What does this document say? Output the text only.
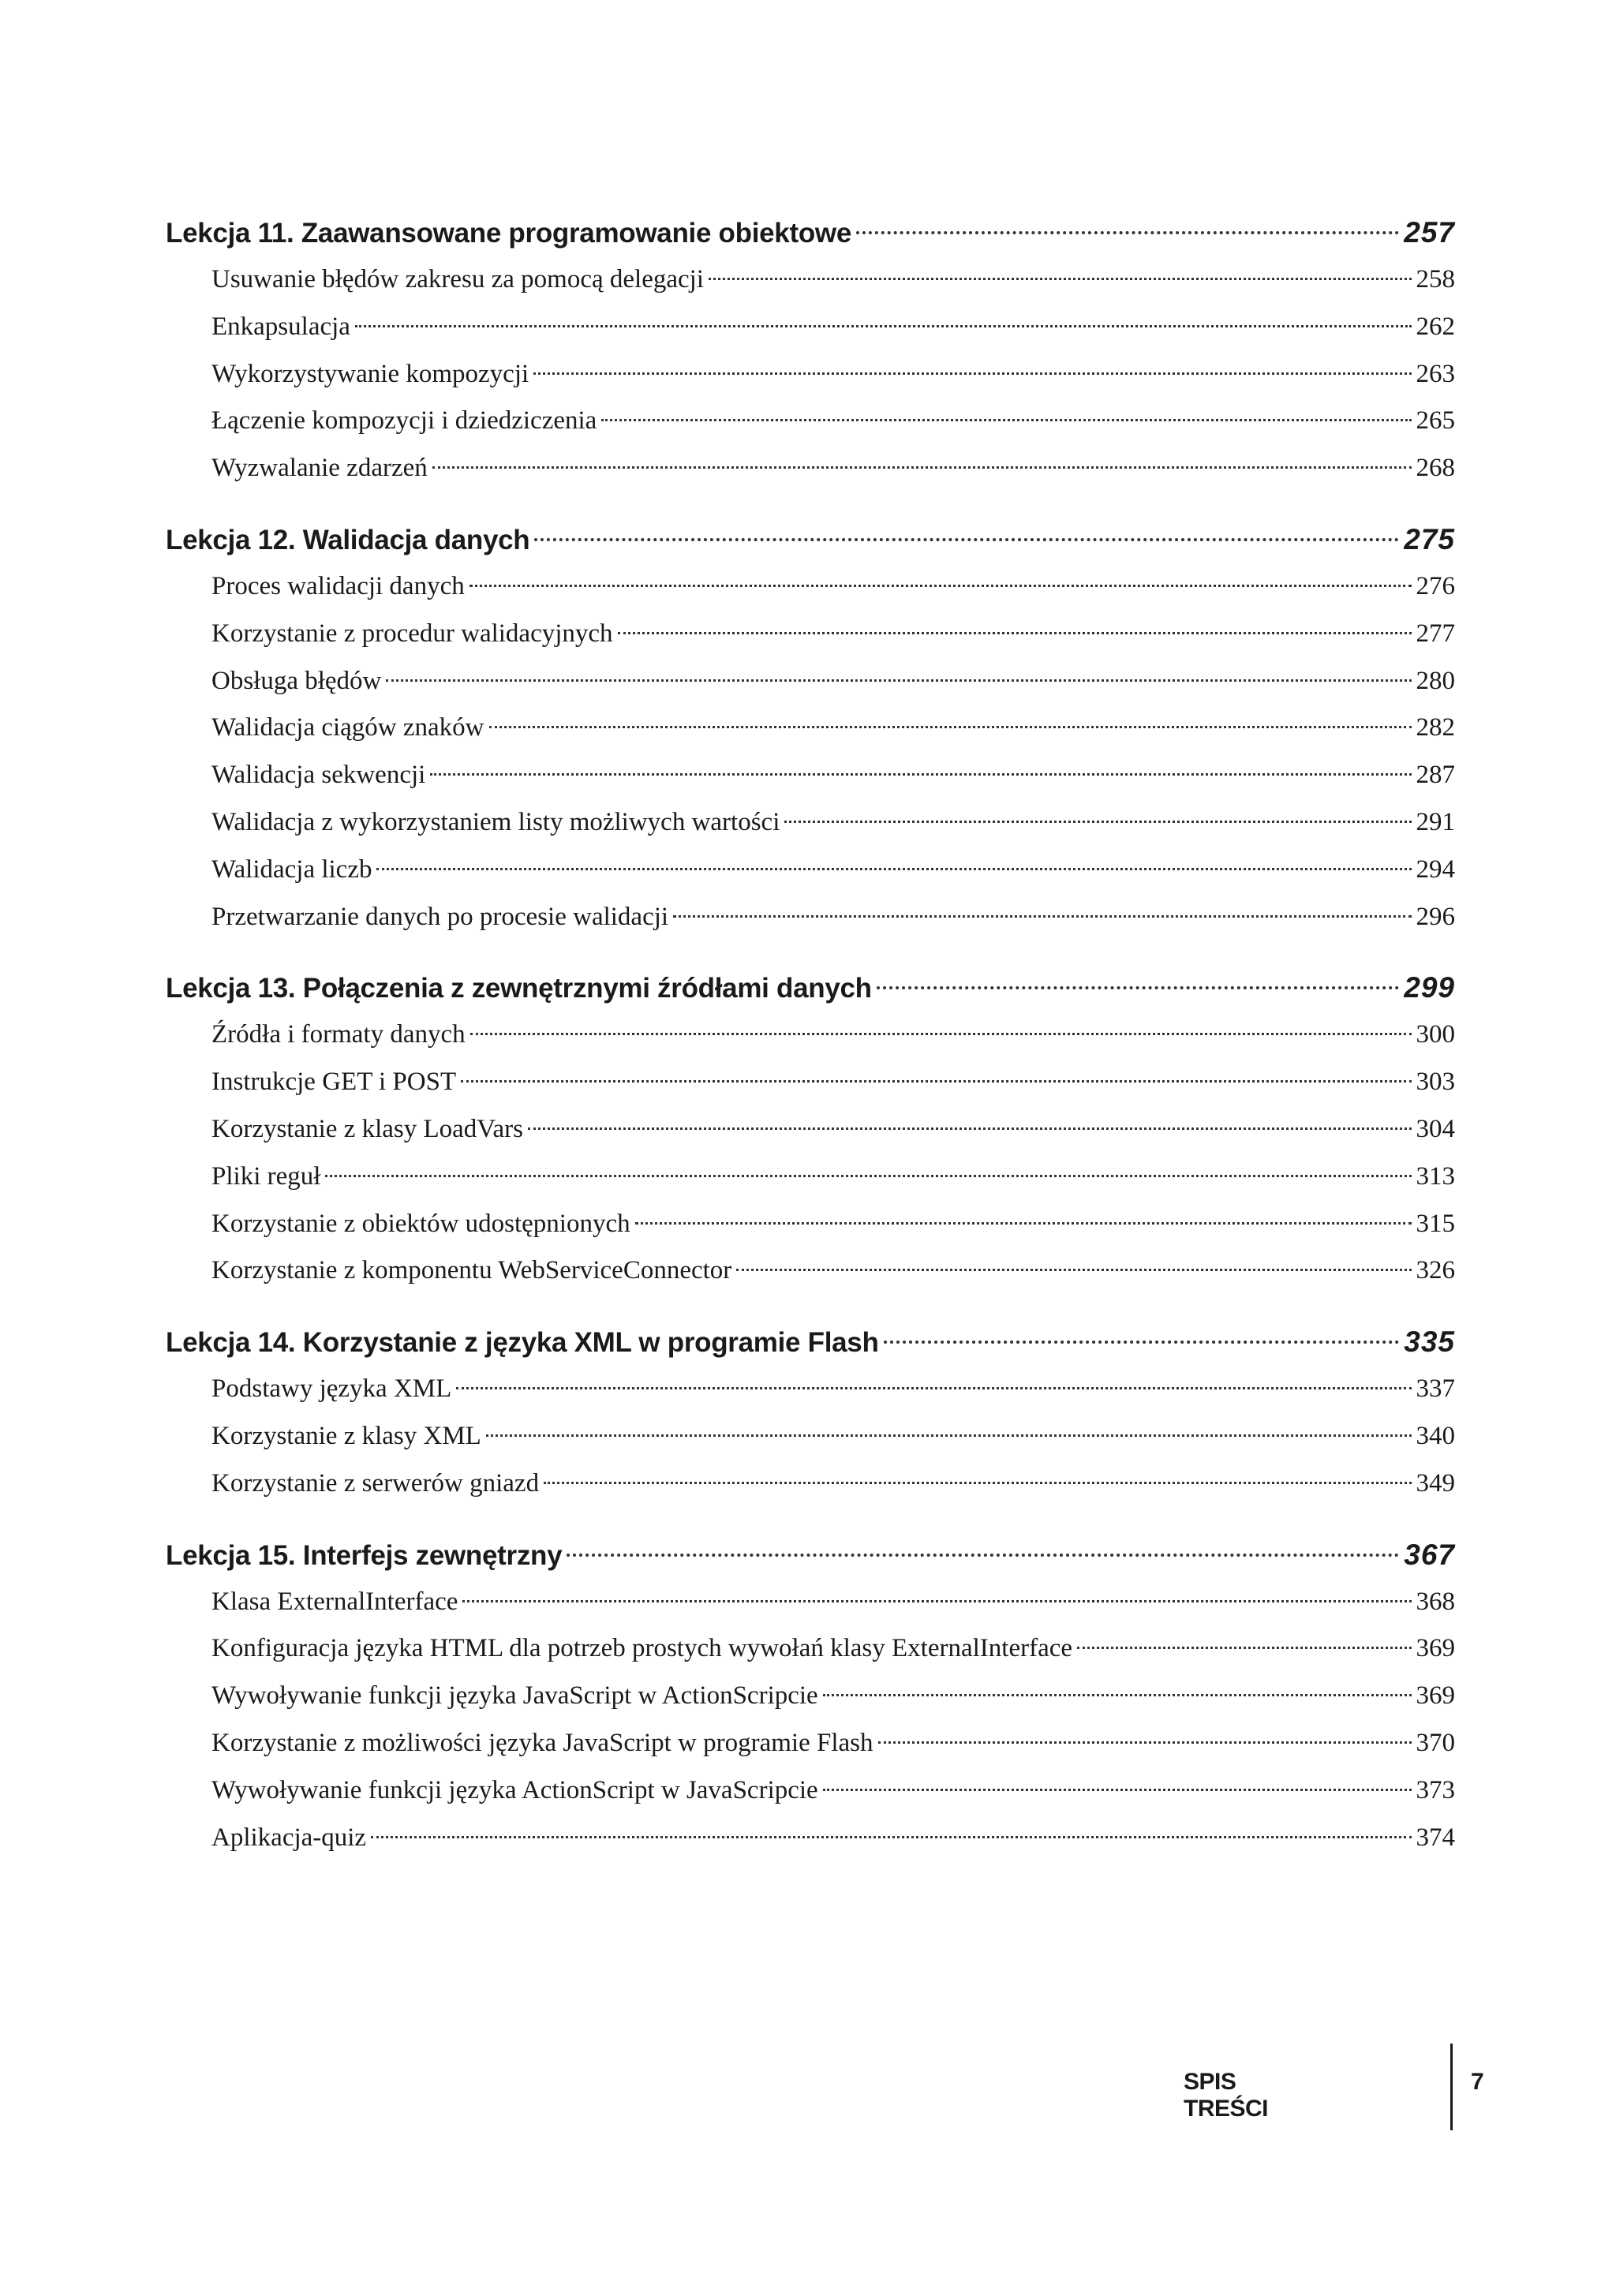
Lekcja 11. Zaawansowane programowanie obiektowe	257
Usuwanie błędów zakresu za pomocą delegacji	258
Enkapsulacja	262
Wykorzystywanie kompozycji	263
Łączenie kompozycji i dziedziczenia	265
Wyzwalanie zdarzeń	268
Lekcja 12. Walidacja danych	275
Proces walidacji danych	276
Korzystanie z procedur walidacyjnych	277
Obsługa błędów	280
Walidacja ciągów znaków	282
Walidacja sekwencji	287
Walidacja z wykorzystaniem listy możliwych wartości	291
Walidacja liczb	294
Przetwarzanie danych po procesie walidacji	296
Lekcja 13. Połączenia z zewnętrznymi źródłami danych	299
Źródła i formaty danych	300
Instrukcje GET i POST	303
Korzystanie z klasy LoadVars	304
Pliki reguł	313
Korzystanie z obiektów udostępnionych	315
Korzystanie z komponentu WebServiceConnector	326
Lekcja 14. Korzystanie z języka XML w programie Flash	335
Podstawy języka XML	337
Korzystanie z klasy XML	340
Korzystanie z serwerów gniazd	349
Lekcja 15. Interfejs zewnętrzny	367
Klasa ExternalInterface	368
Konfiguracja języka HTML dla potrzeb prostych wywołań klasy ExternalInterface	369
Wywoływanie funkcji języka JavaScript w ActionScripcie	369
Korzystanie z możliwości języka JavaScript w programie Flash	370
Wywoływanie funkcji języka ActionScript w JavaScripcie	373
Aplikacja-quiz	374
SPIS TREŚCI
7
